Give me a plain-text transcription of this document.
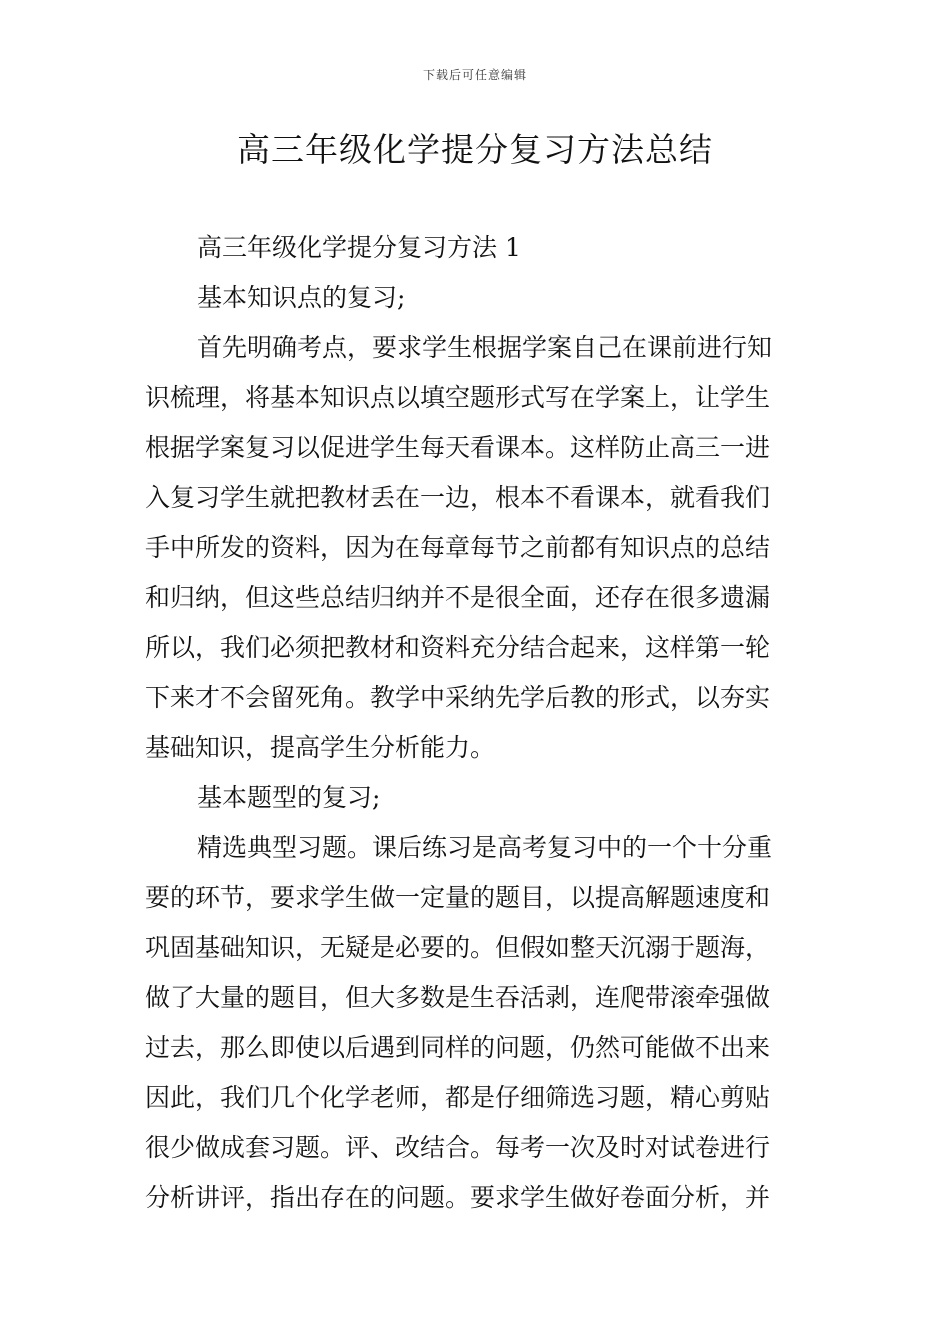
下载后可任意编辑
高三年级化学提分复习方法总结
高三年级化学提分复习方法 1
基本知识点的复习;
首先明确考点，要求学生根据学案自己在课前进行知
识梳理，将基本知识点以填空题形式写在学案上，让学生
根据学案复习以促进学生每天看课本。这样防止高三一进
入复习学生就把教材丢在一边，根本不看课本，就看我们
手中所发的资料，因为在每章每节之前都有知识点的总结
和归纳，但这些总结归纳并不是很全面，还存在很多遗漏
所以，我们必须把教材和资料充分结合起来，这样第一轮
下来才不会留死角。教学中采纳先学后教的形式，以夯实
基础知识，提高学生分析能力。
基本题型的复习;
精选典型习题。课后练习是高考复习中的一个十分重
要的环节，要求学生做一定量的题目，以提高解题速度和
巩固基础知识，无疑是必要的。但假如整天沉溺于题海，
做了大量的题目，但大多数是生吞活剥，连爬带滚牵强做
过去，那么即使以后遇到同样的问题，仍然可能做不出来
因此，我们几个化学老师，都是仔细筛选习题，精心剪贴
很少做成套习题。评、改结合。每考一次及时对试卷进行
分析讲评，指出存在的问题。要求学生做好卷面分析，并
